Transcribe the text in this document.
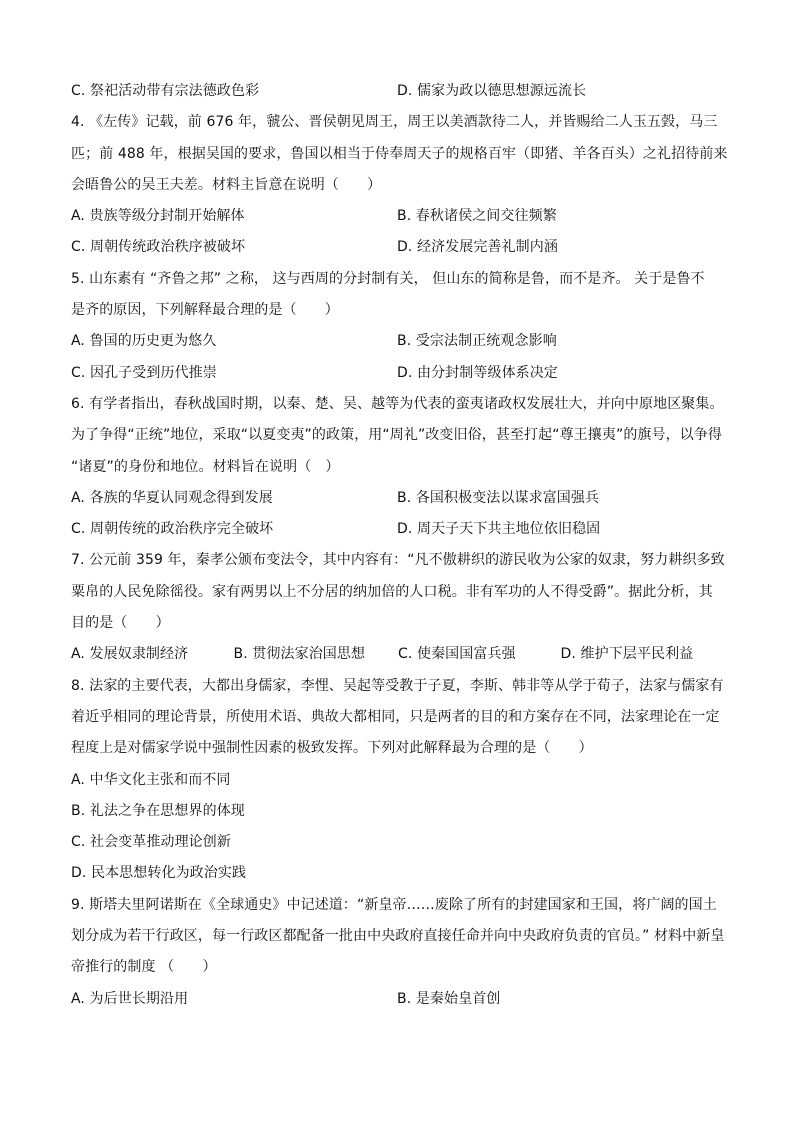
C. 祭祀活动带有宗法德政色彩	D. 儒家为政以德思想源远流长
4. 《左传》记载，前 676 年，虢公、晋侯朝见周王，周王以美酒款待二人，并皆赐给二人玉五瑴，马三
匹；前 488 年，根据吴国的要求，鲁国以相当于侍奉周天子的规格百牢（即猪、羊各百头）之礼招待前来
会晤鲁公的吴王夫差。材料主旨意在说明（　　）
A. 贵族等级分封制开始解体	B. 春秋诸侯之间交往频繁
C. 周朝传统政治秩序被破坏	D. 经济发展完善礼制内涵
5. 山东素有 “齐鲁之邦” 之称， 这与西周的分封制有关， 但山东的简称是鲁，而不是齐。 关于是鲁不
是齐的原因，下列解释最合理的是（　　）
A. 鲁国的历史更为悠久	B. 受宗法制正统观念影响
C. 因孔子受到历代推崇	D. 由分封制等级体系决定
6. 有学者指出，春秋战国时期，以秦、楚、吴、越等为代表的蛮夷诸政权发展壮大，并向中原地区聚集。
为了争得“正统”地位，采取“以夏变夷”的政策，用“周礼”改变旧俗，甚至打起“尊王攘夷”的旗号，以争得
“诸夏”的身份和地位。材料旨在说明（　）
A. 各族的华夏认同观念得到发展	B. 各国积极变法以谋求富国强兵
C. 周朝传统的政治秩序完全破坏	D. 周天子天下共主地位依旧稳固
7. 公元前 359 年，秦孝公颁布变法令，其中内容有：“凡不傲耕织的游民收为公家的奴隶，努力耕织多致
粟帛的人民免除徭役。家有两男以上不分居的纳加倍的人口税。非有军功的人不得受爵”。据此分析，其
目的是（　　）
A. 发展奴隶制经济	B. 贯彻法家治国思想	C. 使秦国国富兵强	D. 维护下层平民利益
8. 法家的主要代表，大都出身儒家，李悝、吴起等受教于子夏，李斯、韩非等从学于荀子，法家与儒家有
着近乎相同的理论背景，所使用术语、典故大都相同，只是两者的目的和方案存在不同，法家理论在一定
程度上是对儒家学说中强制性因素的极致发挥。下列对此解释最为合理的是（　　）
A. 中华文化主张和而不同
B. 礼法之争在思想界的体现
C. 社会变革推动理论创新
D. 民本思想转化为政治实践
9. 斯塔夫里阿诺斯在《全球通史》中记述道：“新皇帝……废除了所有的封建国家和王国，将广阔的国土
划分成为若干行政区，每一行政区都配备一批由中央政府直接任命并向中央政府负责的官员。” 材料中新皇
帝推行的制度 （　　）
A. 为后世长期沿用	B. 是秦始皇首创
